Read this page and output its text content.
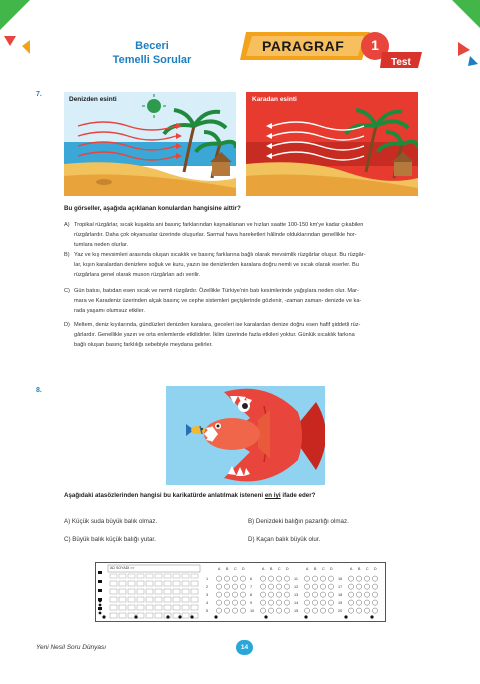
Beceri
Temelli Sorular
PARAGRAF 1
Test
7.
Denizden esinti	Karadan esinti
Bu görseller, aşağıda açıklanan konulardan hangisine aittir?
A) Tropikal rüzgârlar, sıcak kuşakta ani basınç farklarından kaynaklanan ve hızları saatte 100-150 km'ye kadar çıkabilen
rüzgârlardır. Daha çok okyanuslar üzerinde oluşurlar. Sarmal hava hareketleri hâlinde olduklarından genellikle hor-
tumlara neden olurlar.
B) Yaz ve kış mevsimleri arasında oluşan sıcaklık ve basınç farklarına bağlı olarak mevsimlik rüzgârlar oluşur. Bu rüzgâr-
lar, kışın karalardan denizlere soğuk ve kuru, yazın ise denizlerden karalara doğru nemli ve sıcak olarak eserler. Bu
rüzgârlara genel olarak muson rüzgârları adı verilir.
C) Gün batısı, batıdan esen sıcak ve nemli rüzgârdır. Özellikle Türkiye'nin batı kesimlerinde yağışlara neden olur. Mar-
mara ve Karadeniz üzerinden alçak basınç ve cephe sistemleri geçişlerinde gözlenir, -zaman zaman- denizde ve ka-
rada yaşamı olumsuz etkiler.
D) Meltem, deniz kıyılarında, gündüzleri denizden karalara, geceleri ise karalardan denize doğru esen hafif şiddetli rüz-
gârlardır. Genellikle yazın ve orta enlemlerde etkilidirler. İklim üzerinde fazla etkileri yoktur. Günlük sıcaklık farkına
bağlı oluşan basınç farklılığı sebebiyle meydana gelirler.
8.
Aşağıdaki atasözlerinden hangisi bu karikatürde anlatılmak isteneni en iyi ifade eder?
A) Küçük suda büyük balık olmaz.	B) Denizdeki balığın pazarlığı olmaz.
C) Büyük balık küçük balığı yutar.	D) Kaçan balık büyük olur.
A B C D
1
2
3
4
5
A B C D
6
7
8
9
10
A B C D
11
12
13
14
15
A B C D
16
17
18
19
20
AD SOYADI >>
Yeni Nesil Soru Dünyası	14
